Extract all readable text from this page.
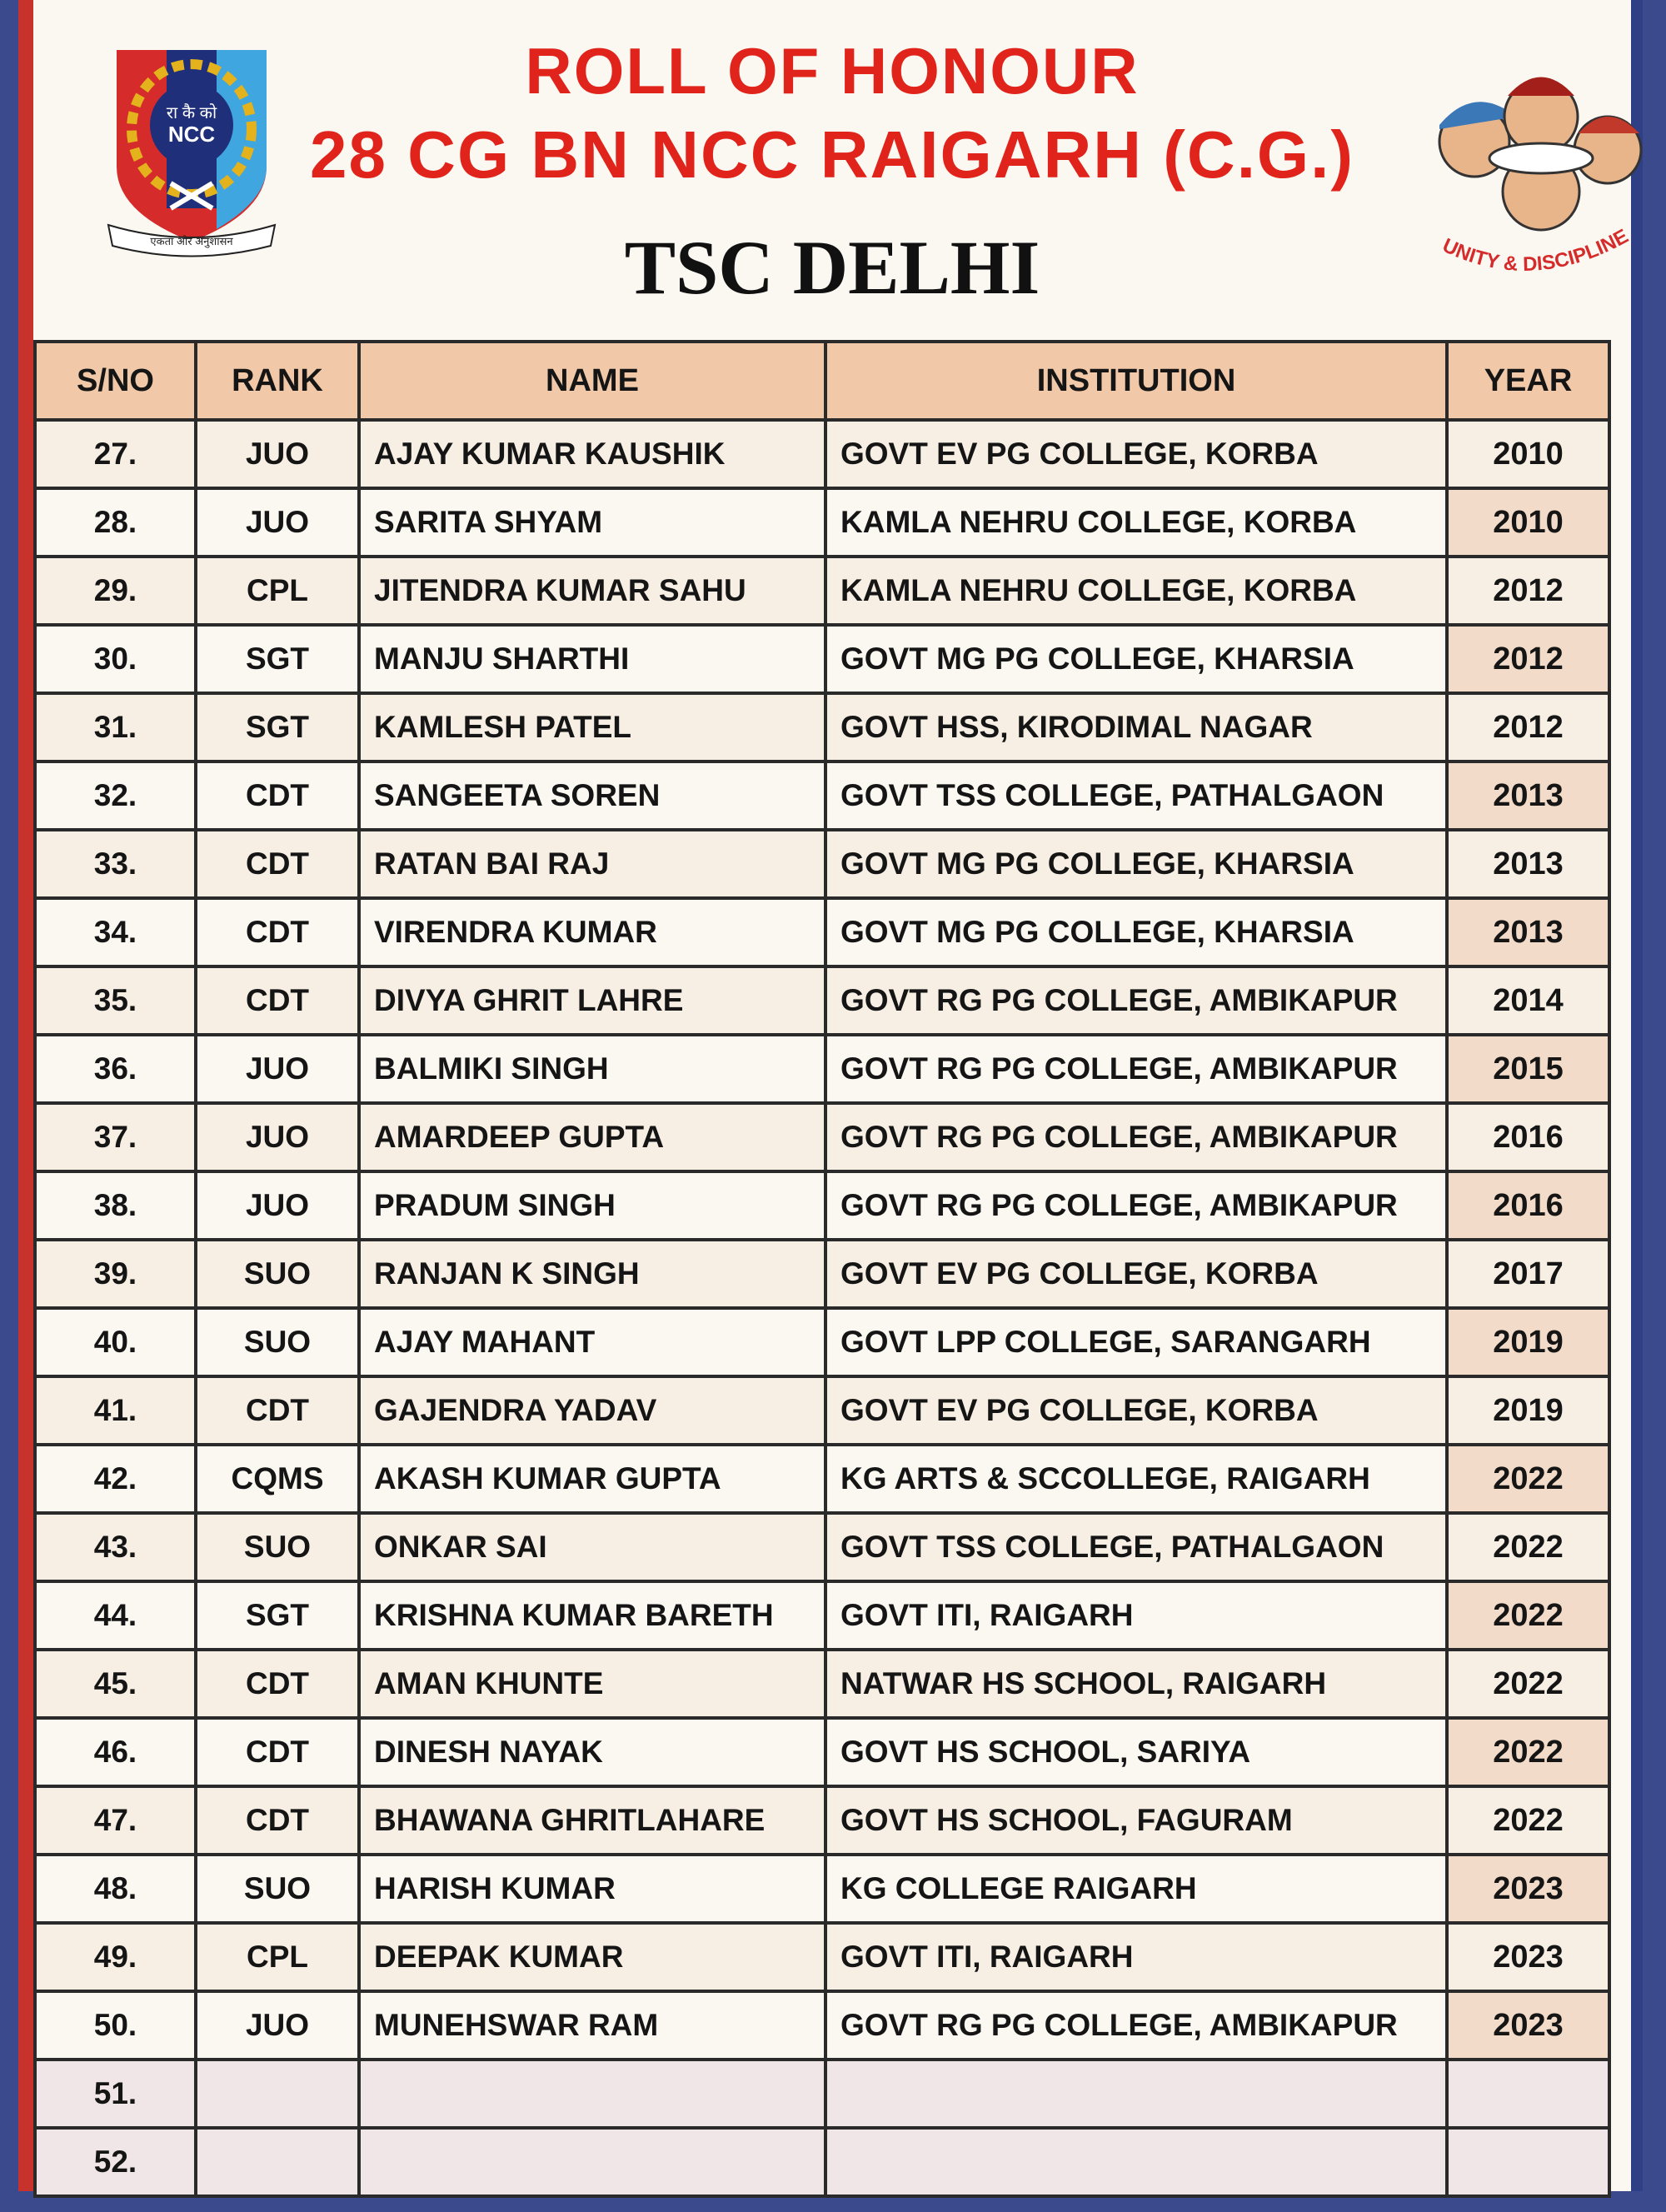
रा कै को
NCC
एकता और अनुशासन
ROLL OF HONOUR
28 CG BN NCC RAIGARH (C.G.)
TSC DELHI	UNITY & DISCIPLINE
S/NO	RANK	NAME	INSTITUTION	YEAR
27.	JUO	AJAY KUMAR KAUSHIK	GOVT EV PG COLLEGE, KORBA	2010
28.	JUO	SARITA SHYAM	KAMLA NEHRU COLLEGE, KORBA	2010
29.	CPL	JITENDRA KUMAR SAHU	KAMLA NEHRU COLLEGE, KORBA	2012
30.	SGT	MANJU SHARTHI	GOVT MG PG COLLEGE, KHARSIA	2012
31.	SGT	KAMLESH PATEL	GOVT HSS, KIRODIMAL NAGAR	2012
32.	CDT	SANGEETA SOREN	GOVT TSS COLLEGE, PATHALGAON	2013
33.	CDT	RATAN BAI RAJ	GOVT MG PG COLLEGE, KHARSIA	2013
34.	CDT	VIRENDRA KUMAR	GOVT MG PG COLLEGE, KHARSIA	2013
35.	CDT	DIVYA GHRIT LAHRE	GOVT RG PG COLLEGE, AMBIKAPUR	2014
36.	JUO	BALMIKI SINGH	GOVT RG PG COLLEGE, AMBIKAPUR	2015
37.	JUO	AMARDEEP GUPTA	GOVT RG PG COLLEGE, AMBIKAPUR	2016
38.	JUO	PRADUM SINGH	GOVT RG PG COLLEGE, AMBIKAPUR	2016
39.	SUO	RANJAN K SINGH	GOVT EV PG COLLEGE, KORBA	2017
40.	SUO	AJAY MAHANT	GOVT LPP COLLEGE, SARANGARH	2019
41.	CDT	GAJENDRA YADAV	GOVT EV PG COLLEGE, KORBA	2019
42.	CQMS	AKASH KUMAR GUPTA	KG ARTS & SCCOLLEGE, RAIGARH	2022
43.	SUO	ONKAR SAI	GOVT TSS COLLEGE, PATHALGAON	2022
44.	SGT	KRISHNA KUMAR BARETH	GOVT ITI, RAIGARH	2022
45.	CDT	AMAN KHUNTE	NATWAR HS SCHOOL, RAIGARH	2022
46.	CDT	DINESH NAYAK	GOVT HS SCHOOL, SARIYA	2022
47.	CDT	BHAWANA GHRITLAHARE	GOVT HS SCHOOL, FAGURAM	2022
48.	SUO	HARISH KUMAR	KG COLLEGE RAIGARH	2023
49.	CPL	DEEPAK KUMAR	GOVT ITI, RAIGARH	2023
50.	JUO	MUNEHSWAR RAM	GOVT RG PG COLLEGE, AMBIKAPUR	2023
51.				
52.				
